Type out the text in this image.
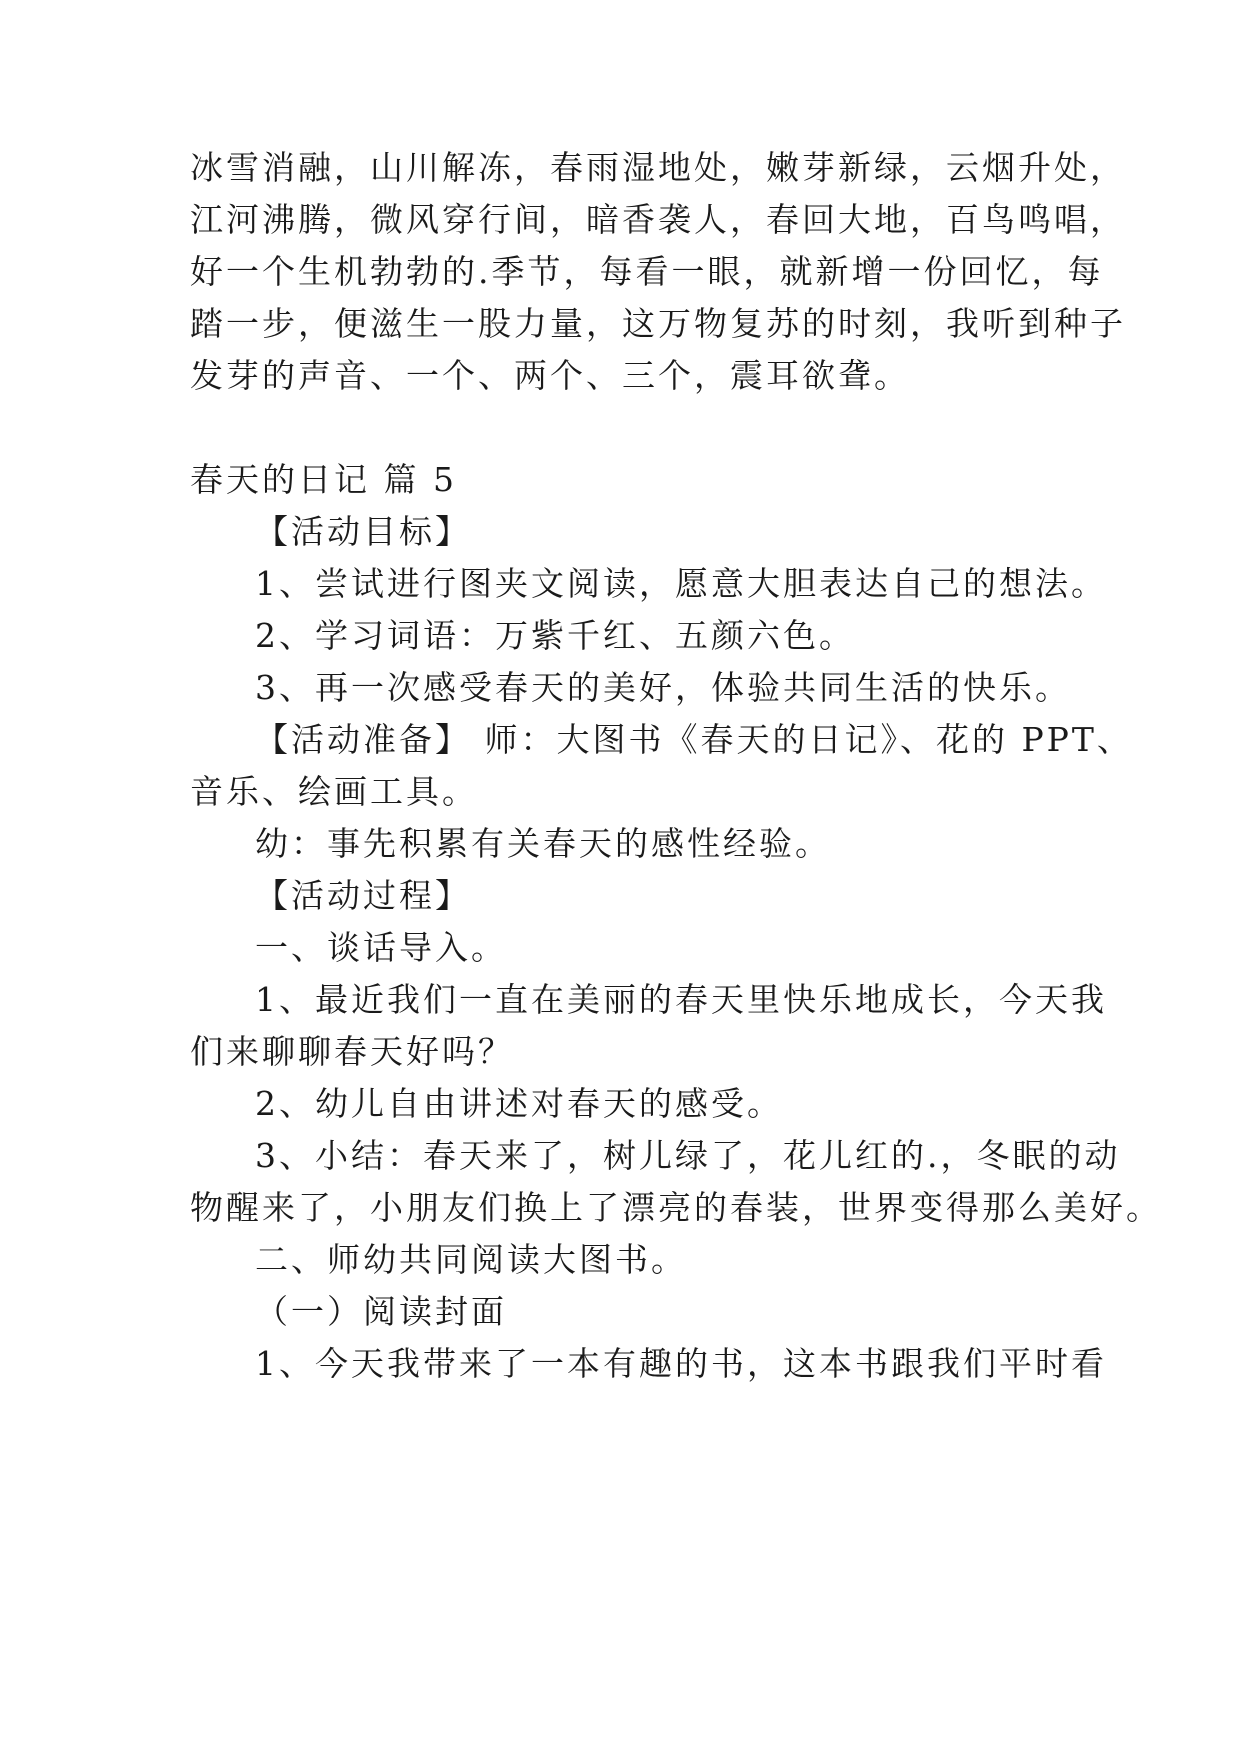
冰雪消融，山川解冻，春雨湿地处，嫩芽新绿，云烟升处，
江河沸腾，微风穿行间，暗香袭人，春回大地，百鸟鸣唱，
好一个生机勃勃的.季节，每看一眼，就新增一份回忆，每
踏一步，便滋生一股力量，这万物复苏的时刻，我听到种子
发芽的声音、一个、两个、三个，震耳欲聋。
春天的日记 篇 5
【活动目标】
1、尝试进行图夹文阅读，愿意大胆表达自己的想法。
2、学习词语：万紫千红、五颜六色。
3、再一次感受春天的美好，体验共同生活的快乐。
【活动准备】 师：大图书《春天的日记》、花的 PPT、
音乐、绘画工具。
幼：事先积累有关春天的感性经验。
【活动过程】
一、谈话导入。
1、最近我们一直在美丽的春天里快乐地成长，今天我
们来聊聊春天好吗？
2、幼儿自由讲述对春天的感受。
3、小结：春天来了，树儿绿了，花儿红的.，冬眠的动
物醒来了，小朋友们换上了漂亮的春装，世界变得那么美好。
二、师幼共同阅读大图书。
（一）阅读封面
1、今天我带来了一本有趣的书，这本书跟我们平时看
